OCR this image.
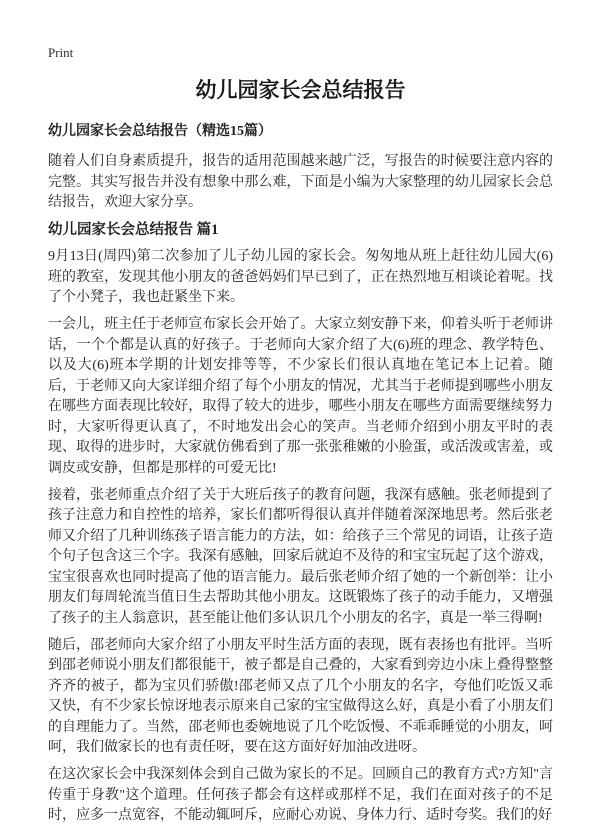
Print
幼儿园家长会总结报告
幼儿园家长会总结报告（精选15篇）

随着人们自身素质提升，报告的适用范围越来越广泛，写报告的时候要注意内容的完整。其实写报告并没有想象中那么难，下面是小编为大家整理的幼儿园家长会总结报告，欢迎大家分享。

幼儿园家长会总结报告 篇1

9月13日(周四)第二次参加了儿子幼儿园的家长会。匆匆地从班上赶往幼儿园大(6)班的教室，发现其他小朋友的爸爸妈妈们早已到了，正在热烈地互相谈论着呢。找了个小凳子，我也赶紧坐下来。

一会儿，班主任于老师宣布家长会开始了。大家立刻安静下来，仰着头听于老师讲话，一个个都是认真的好孩子。于老师向大家介绍了大(6)班的理念、教学特色、以及大(6)班本学期的计划安排等等，不少家长们很认真地在笔记本上记着。随后，于老师又向大家详细介绍了每个小朋友的情况，尤其当于老师提到哪些小朋友在哪些方面表现比较好，取得了较大的进步，哪些小朋友在哪些方面需要继续努力时，大家听得更认真了，不时地发出会心的笑声。当老师介绍到小朋友平时的表现、取得的进步时，大家就仿佛看到了那一张张稚嫩的小脸蛋，或活泼或害羞，或调皮或安静，但都是那样的可爱无比!

接着，张老师重点介绍了关于大班后孩子的教育问题，我深有感触。张老师提到了孩子注意力和自控性的培养，家长们都听得很认真并伴随着深深地思考。然后张老师又介绍了几种训练孩子语言能力的方法，如：给孩子三个常见的词语，让孩子造个句子包含这三个字。我深有感触，回家后就迫不及待的和宝宝玩起了这个游戏，宝宝很喜欢也同时提高了他的语言能力。最后张老师介绍了她的一个新创举：让小朋友们每周轮流当值日生去帮助其他小朋友。这既锻炼了孩子的动手能力，又增强了孩子的主人翁意识，甚至能让他们多认识几个小朋友的名字，真是一举三得啊!

随后，邵老师向大家介绍了小朋友平时生活方面的表现，既有表扬也有批评。当听到邵老师说小朋友们都很能干，被子都是自己叠的，大家看到旁边小床上叠得整整齐齐的被子，都为宝贝们骄傲!邵老师又点了几个小朋友的名字，夸他们吃饭又乖又快，有不少家长惊讶地表示原来自己家的宝宝做得这么好，真是小看了小朋友们的自理能力了。当然，邵老师也委婉地说了几个吃饭慢、不乖乖睡觉的小朋友，呵呵，我们做家长的也有责任呀，要在这方面好好加油改进呀。

在这次家长会中我深刻体会到自己做为家长的不足。回顾自己的教育方式?方知"言传重于身教"这个道理。任何孩子都会有这样或那样不足，我们在面对孩子的不足时，应多一点宽容，不能动辄呵斥，应耐心劝说、身体力行、适时夸奖。我们的好
